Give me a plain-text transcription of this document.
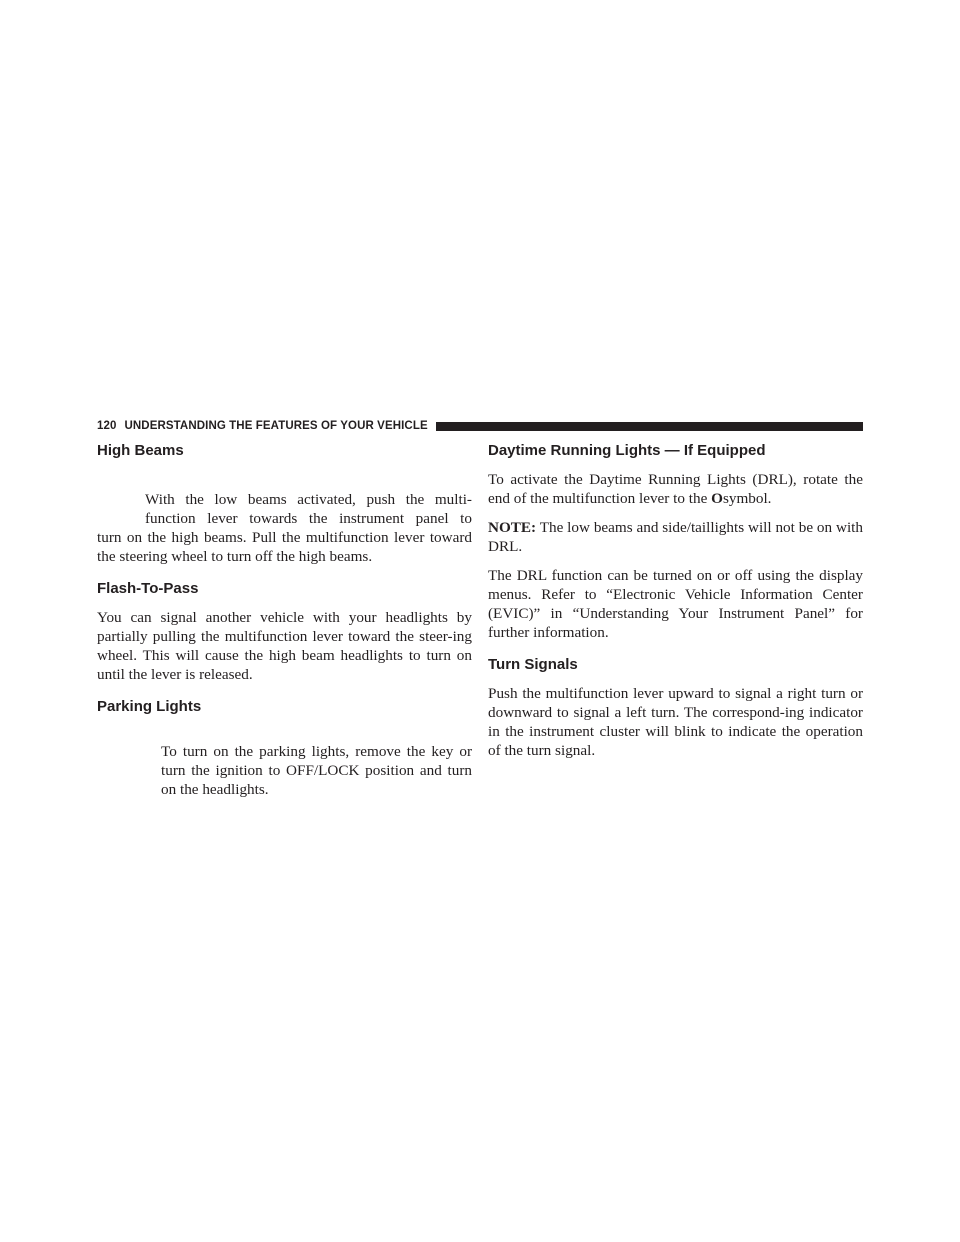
120 UNDERSTANDING THE FEATURES OF YOUR VEHICLE
High Beams

With the low beams activated, push the multi-

function lever towards the instrument panel to

turn on the high beams. Pull the multifunction lever toward the steering wheel to turn off the high beams.

Flash-To-Pass

You can signal another vehicle with your headlights by partially pulling the multifunction lever toward the steer-ing wheel. This will cause the high beam headlights to turn on until the lever is released.

Parking Lights

To turn on the parking lights, remove the key or turn the ignition to OFF/LOCK position and turn on the headlights.

Daytime Running Lights — If Equipped

To activate the Daytime Running Lights (DRL), rotate the end of the multifunction lever to the Osymbol.

NOTE: The low beams and side/taillights will not be on with DRL.

The DRL function can be turned on or off using the display menus. Refer to “Electronic Vehicle Information Center (EVIC)” in “Understanding Your Instrument Panel” for further information.

Turn Signals

Push the multifunction lever upward to signal a right turn or downward to signal a left turn. The correspond-ing indicator in the instrument cluster will blink to indicate the operation of the turn signal.
